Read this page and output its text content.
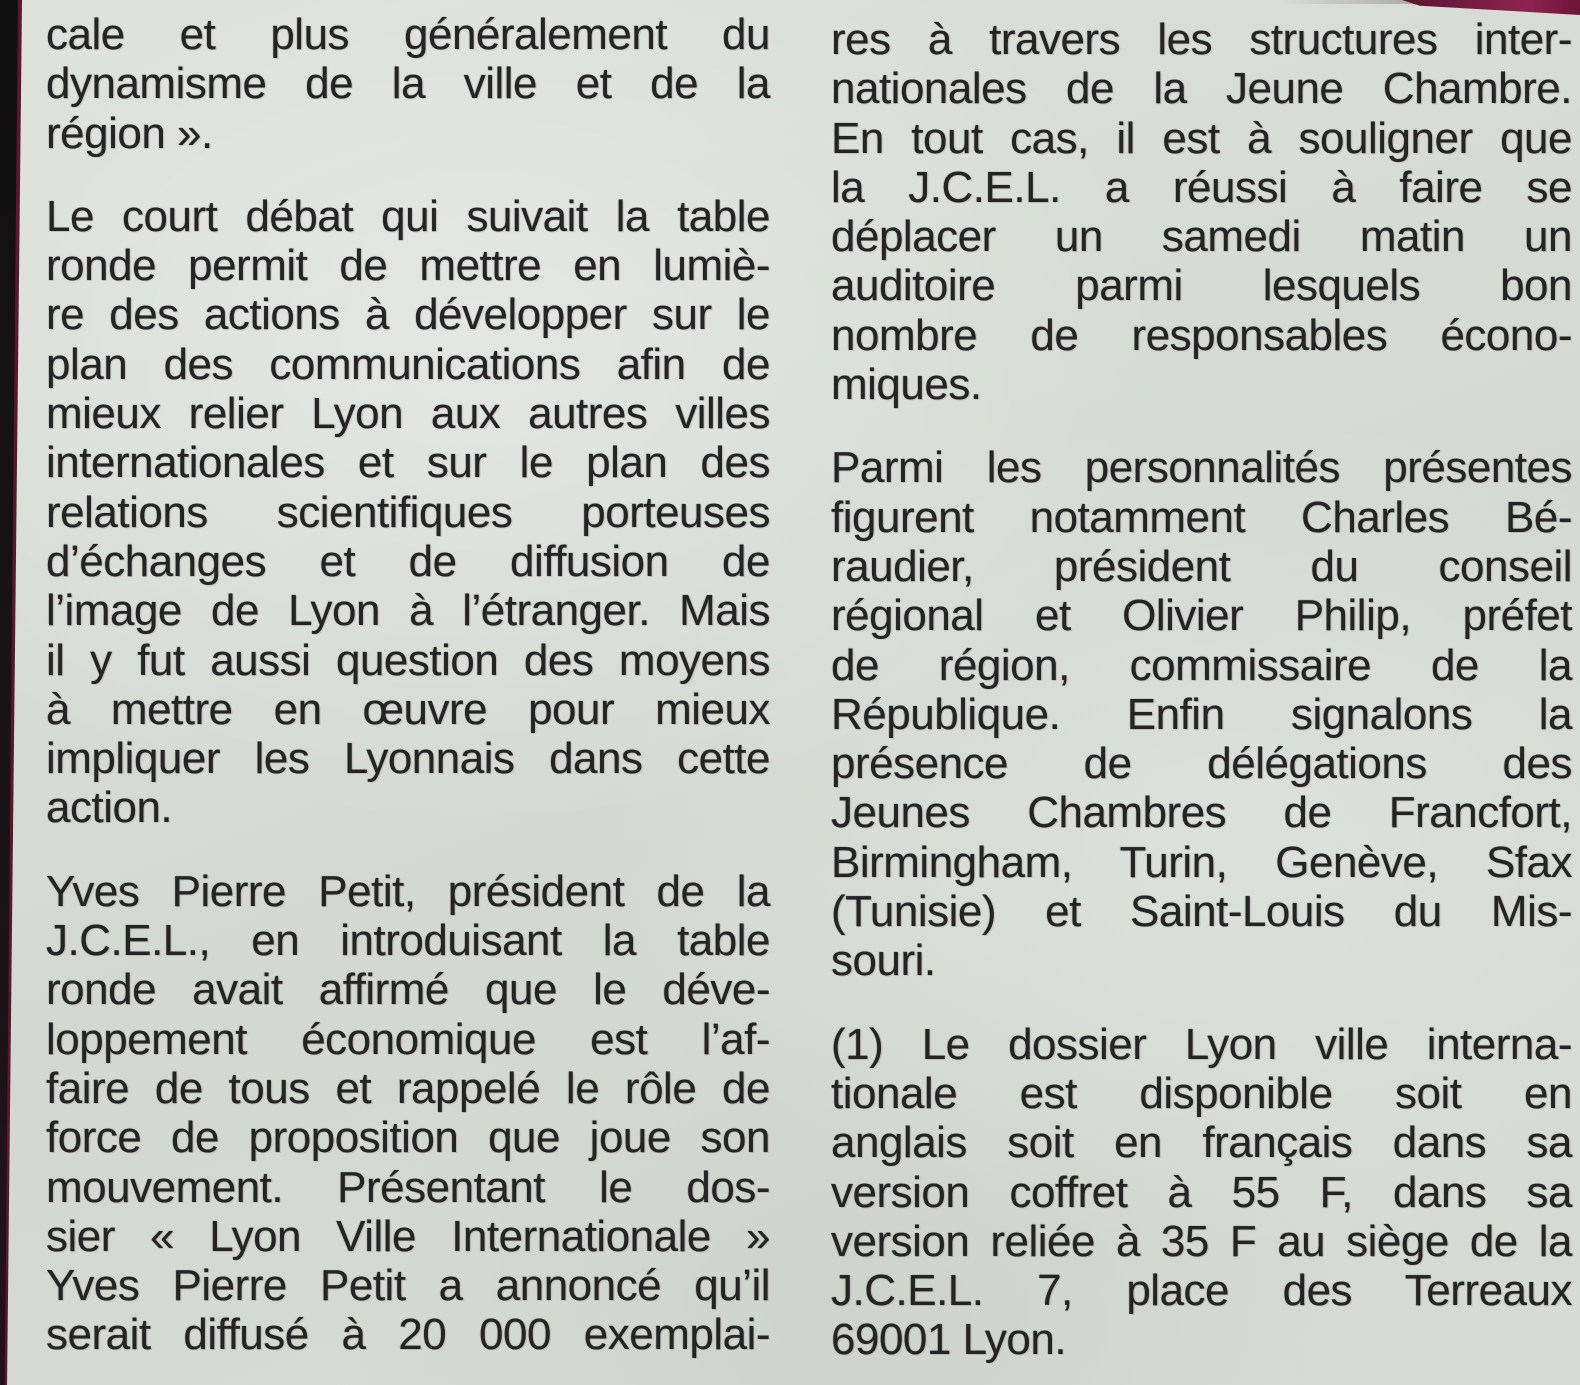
cale et plus généralement du
dynamisme de la ville et de la
région ».
Le court débat qui suivait la table
ronde permit de mettre en lumiè-
re des actions à développer sur le
plan des communications afin de
mieux relier Lyon aux autres villes
internationales et sur le plan des
relations scientifiques porteuses
d’échanges et de diffusion de
l’image de Lyon à l’étranger. Mais
il y fut aussi question des moyens
à mettre en œuvre pour mieux
impliquer les Lyonnais dans cette
action.
Yves Pierre Petit, président de la
J.C.E.L., en introduisant la table
ronde avait affirmé que le déve-
loppement économique est l’af-
faire de tous et rappelé le rôle de
force de proposition que joue son
mouvement. Présentant le dos-
sier « Lyon Ville Internationale »
Yves Pierre Petit a annoncé qu’il
serait diffusé à 20 000 exemplai-
res à travers les structures inter-
nationales de la Jeune Chambre.
En tout cas, il est à souligner que
la J.C.E.L. a réussi à faire se
déplacer un samedi matin un
auditoire parmi lesquels bon
nombre de responsables écono-
miques.
Parmi les personnalités présentes
figurent notamment Charles Bé-
raudier, président du conseil
régional et Olivier Philip, préfet
de région, commissaire de la
République. Enfin signalons la
présence de délégations des
Jeunes Chambres de Francfort,
Birmingham, Turin, Genève, Sfax
(Tunisie) et Saint-Louis du Mis-
souri.
(1) Le dossier Lyon ville interna-
tionale est disponible soit en
anglais soit en français dans sa
version coffret à 55 F, dans sa
version reliée à 35 F au siège de la
J.C.E.L. 7, place des Terreaux
69001 Lyon.
